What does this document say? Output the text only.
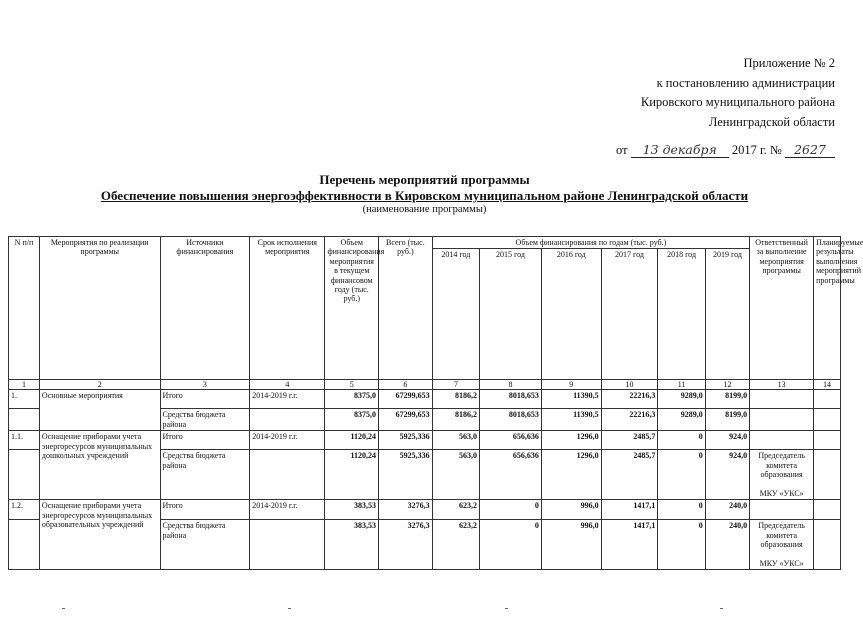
Приложение № 2
к постановлению администрации
Кировского муниципального района
Ленинградской области
от 13 декабря 2017 г. № 2627
Перечень мероприятий программы
Обеспечение повышения энергоэффективности в Кировском муниципальном районе Ленинградской области
(наименование программы)
N п/п	Мероприятия по реализации программы	Источники финансирования	Срок исполнения мероприятия	Объем финансирования мероприятия в текущем финансовом году (тыс. руб.)	Всего (тыс. руб.)	Объем финансирования по годам (тыс. руб.)						Ответственный за выполнение мероприятия программы	Планируемые результаты выполнения мероприятий программы
						2014 год	2015 год	2016 год	2017 год	2018 год	2019 год		
1	2	3	4	5	6	7	8	9	10	11	12	13	14
1.	Основные мероприятия	Итого	2014-2019 г.г.	8375,0	67299,653	8186,2	8018,653	11390,5	22216,3	9289,0	8199,0		
		Средства бюджета района		8375,0	67299,653	8186,2	8018,653	11390,5	22216,3	9289,0	8199,0		
1.1.	Оснащение приборами учета энергоресурсов муниципальных дошкольных учреждений	Итого	2014-2019 г.г.	1120,24	5925,336	563,0	656,636	1296,0	2485,7	0	924,0		
		Средства бюджета района		1120,24	5925,336	563,0	656,636	1296,0	2485,7	0	924,0	Председатель комитета образования

МКУ «УКС»	
1.2.	Оснащение приборами учета энергоресурсов муниципальных образовательных учреждений	Итого	2014-2019 г.г.	383,53	3276,3	623,2	0	996,0	1417,1	0	240,0		
		Средства бюджета района		383,53	3276,3	623,2	0	996,0	1417,1	0	240,0	Председатель комитета образования

МКУ «УКС»	
